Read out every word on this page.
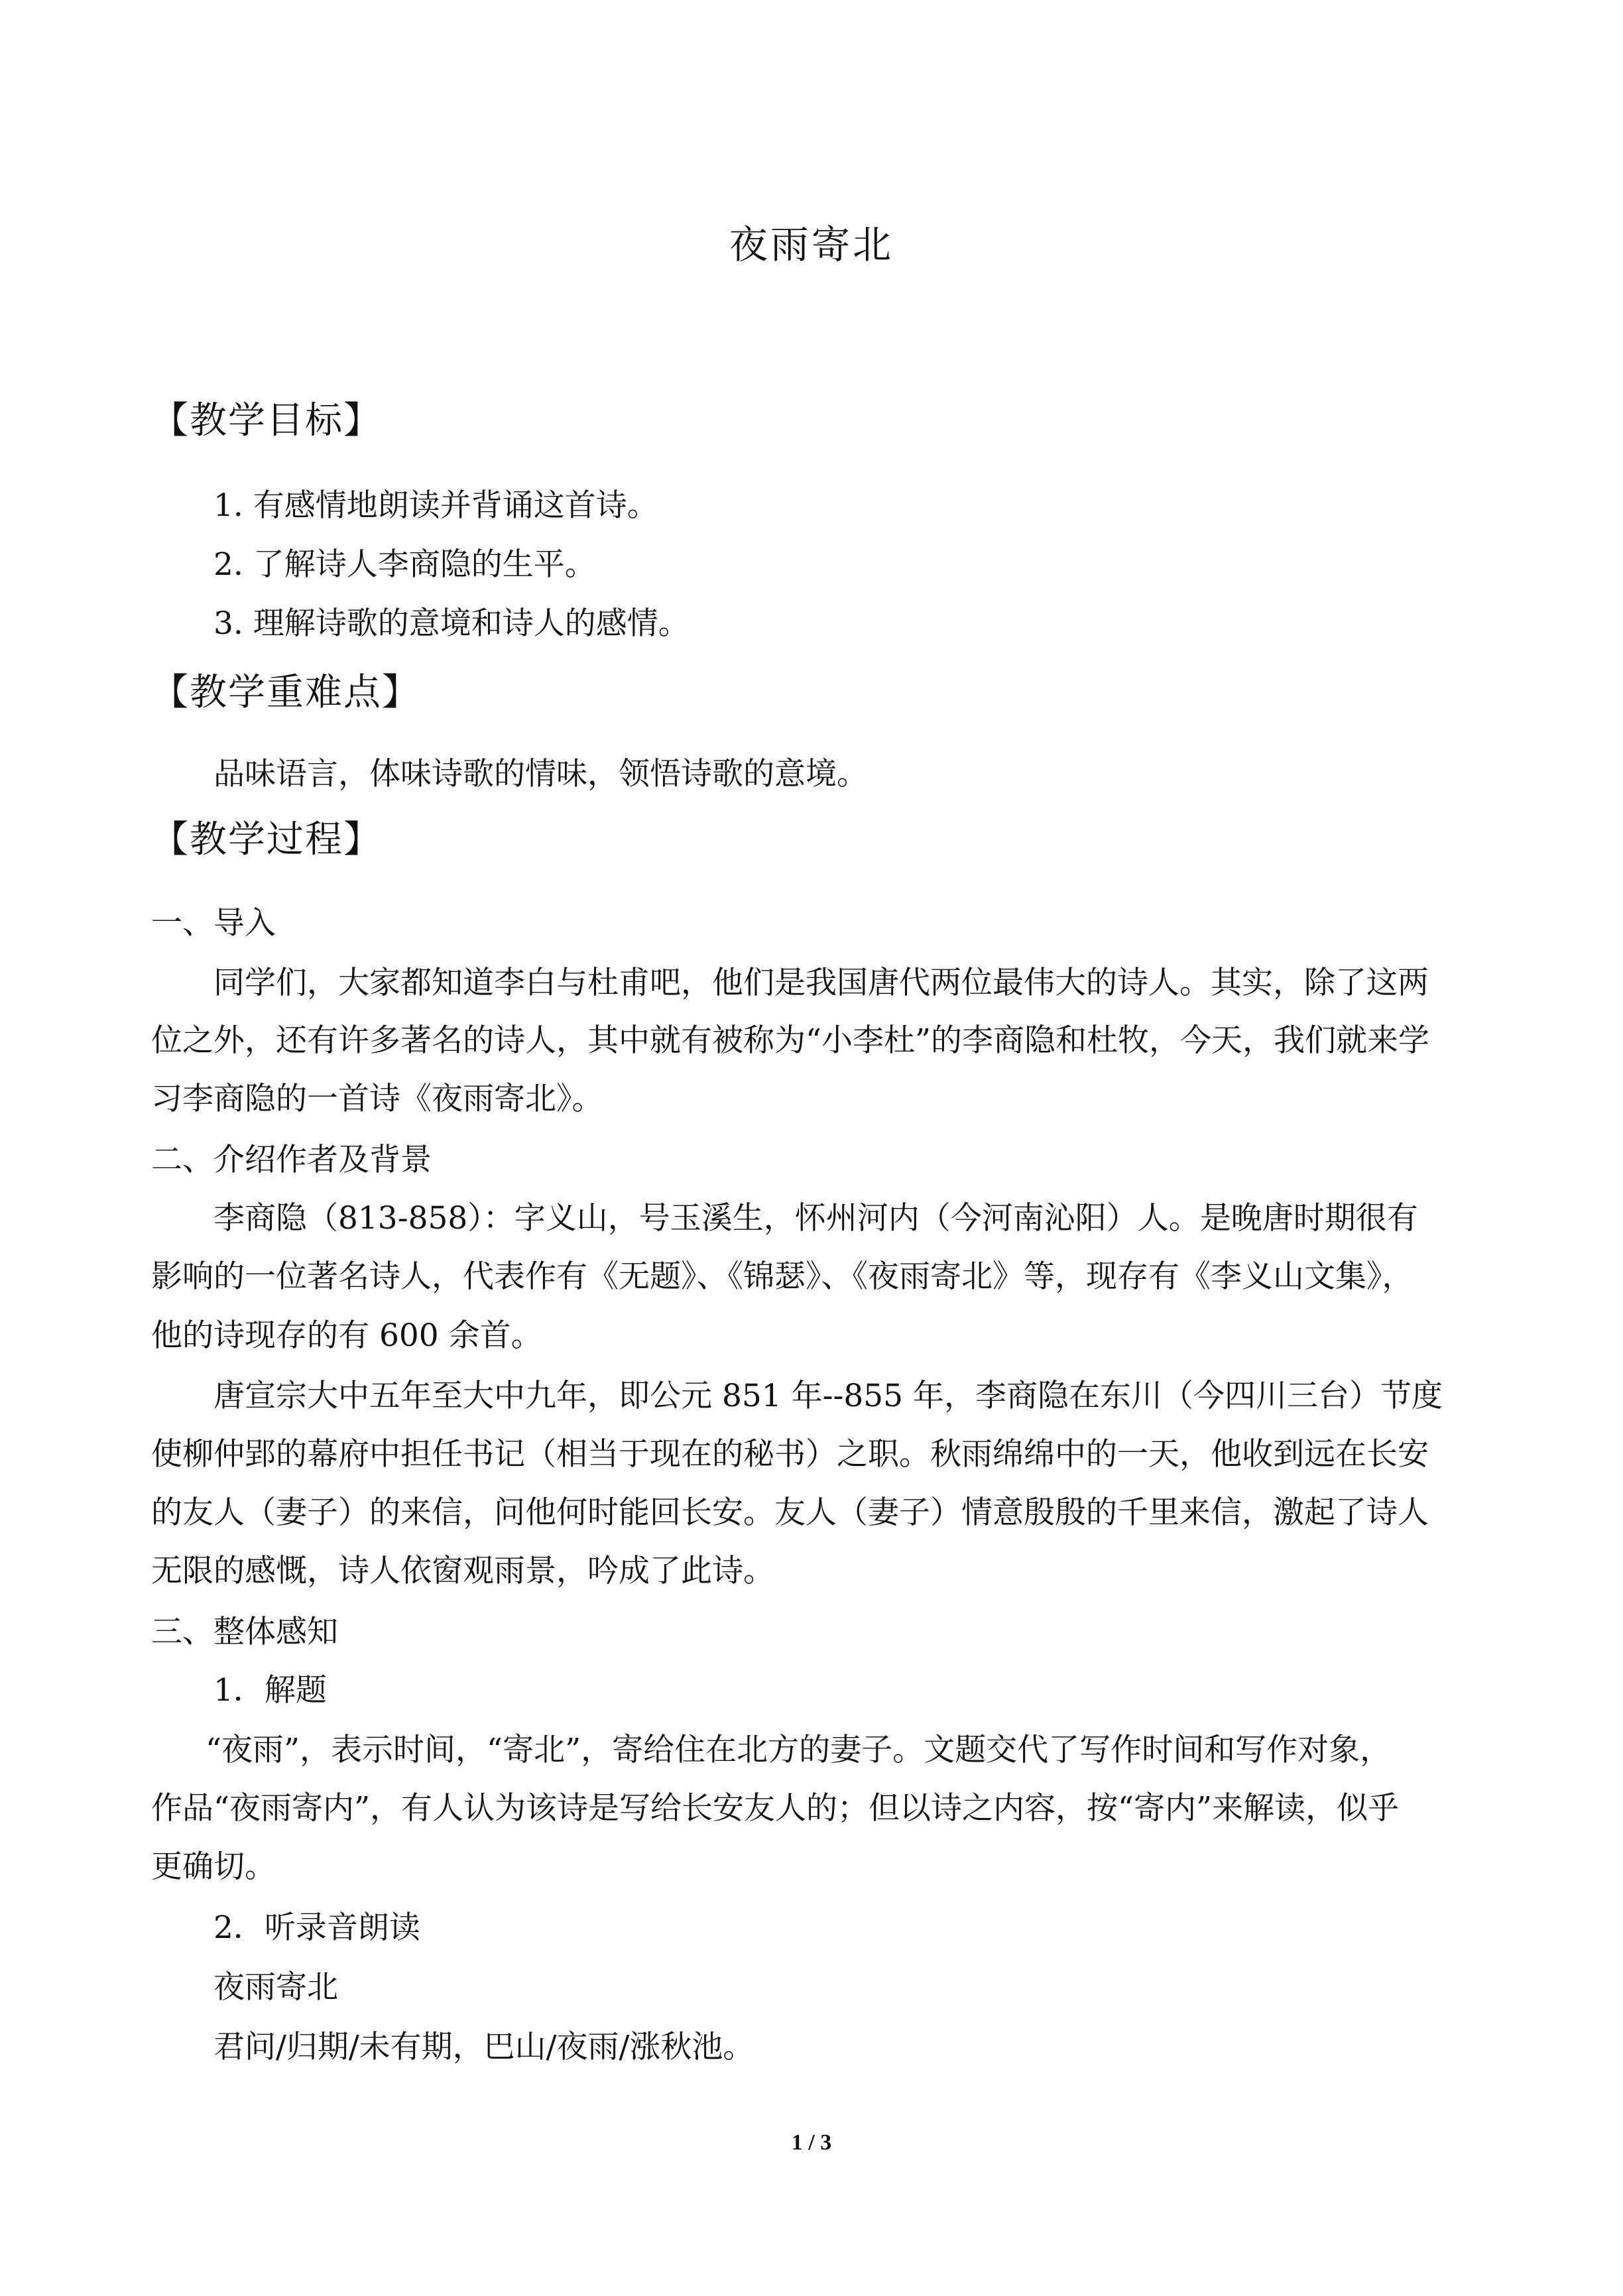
夜雨寄北
【教学目标】
1. 有感情地朗读并背诵这首诗。
2. 了解诗人李商隐的生平。
3. 理解诗歌的意境和诗人的感情。
【教学重难点】
品味语言，体味诗歌的情味，领悟诗歌的意境。
【教学过程】
一、导入
同学们，大家都知道李白与杜甫吧，他们是我国唐代两位最伟大的诗人。其实，除了这两
位之外，还有许多著名的诗人，其中就有被称为“小李杜”的李商隐和杜牧，今天，我们就来学
习李商隐的一首诗《夜雨寄北》。
二、介绍作者及背景
李商隐（813-858）：字义山，号玉溪生，怀州河内（今河南沁阳）人。是晚唐时期很有
影响的一位著名诗人，代表作有《无题》、《锦瑟》、《夜雨寄北》等，现存有《李义山文集》，
他的诗现存的有 600 余首。
唐宣宗大中五年至大中九年，即公元 851 年--855 年，李商隐在东川（今四川三台）节度
使柳仲郢的幕府中担任书记（相当于现在的秘书）之职。秋雨绵绵中的一天，他收到远在长安
的友人（妻子）的来信，问他何时能回长安。友人（妻子）情意殷殷的千里来信，激起了诗人
无限的感慨，诗人依窗观雨景，吟成了此诗。
三、整体感知
1．解题
“夜雨”，表示时间，“寄北”，寄给住在北方的妻子。文题交代了写作时间和写作对象，
作品“夜雨寄内”，有人认为该诗是写给长安友人的；但以诗之内容，按“寄内”来解读，似乎
更确切。
2．听录音朗读
夜雨寄北
君问/归期/未有期，巴山/夜雨/涨秋池。
1 / 3
